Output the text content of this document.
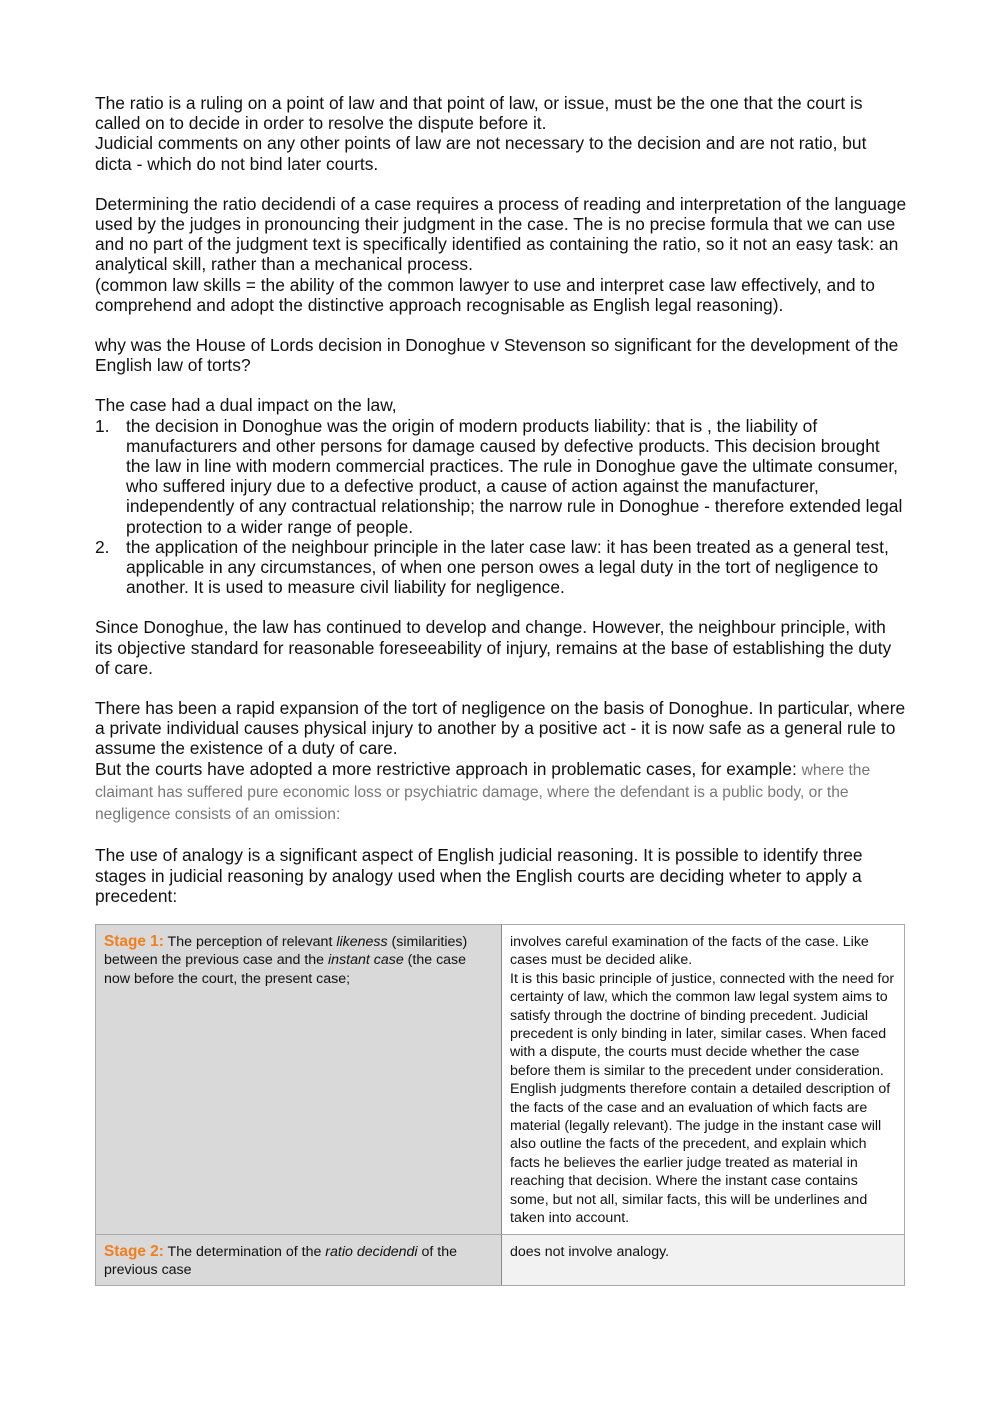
The ratio is a ruling on a point of law and that point of law, or issue, must be the one that the court is called on to decide in order to resolve the dispute before it.

Judicial comments on any other points of law are not necessary to the decision and are not ratio, but dicta - which do not bind later courts.

Determining the ratio decidendi of a case requires a process of reading and interpretation of the language used by the judges in pronouncing their judgment in the case. The is no precise formula that we can use and no part of the judgment text is specifically identified as containing the ratio, so it not an easy task: an analytical skill, rather than a mechanical process.

(common law skills = the ability of the common lawyer to use and interpret case law effectively, and to comprehend and adopt the distinctive approach recognisable as English legal reasoning).

why was the House of Lords decision in Donoghue v Stevenson so significant for the development of the English law of torts?

The case had a dual impact on the law,

1. the decision in Donoghue was the origin of modern products liability: that is , the liability of manufacturers and other persons for damage caused by defective products. This decision brought the law in line with modern commercial practices. The rule in Donoghue gave the ultimate consumer, who suffered injury due to a defective product, a cause of action against the manufacturer, independently of any contractual relationship; the narrow rule in Donoghue - therefore extended legal protection to a wider range of people.
2. the application of the neighbour principle in the later case law: it has been treated as a general test, applicable in any circumstances, of when one person owes a legal duty in the tort of negligence to another. It is used to measure civil liability for negligence.

Since Donoghue, the law has continued to develop and change. However, the neighbour principle, with its objective standard for reasonable foreseeability of injury, remains at the base of establishing the duty of care.

There has been a rapid expansion of the tort of negligence on the basis of Donoghue. In particular, where a private individual causes physical injury to another by a positive act - it is now safe as a general rule to assume the existence of a duty of care.

But the courts have adopted a more restrictive approach in problematic cases, for example: where the claimant has suffered pure economic loss or psychiatric damage, where the defendant is a public body, or the negligence consists of an omission:

The use of analogy is a significant aspect of English judicial reasoning. It is possible to identify three stages in judicial reasoning by analogy used when the English courts are deciding wheter to apply a precedent:

Stage 1: The perception of relevant likeness (similarities) between the previous case and the instant case (the case now before the court, the present case;	involves careful examination of the facts of the case. Like cases must be decided alike.
It is this basic principle of justice, connected with the need for certainty of law, which the common law legal system aims to satisfy through the doctrine of binding precedent. Judicial precedent is only binding in later, similar cases. When faced with a dispute, the courts must decide whether the case before them is similar to the precedent under consideration.
English judgments therefore contain a detailed description of the facts of the case and an evaluation of which facts are material (legally relevant). The judge in the instant case will also outline the facts of the precedent, and explain which facts he believes the earlier judge treated as material in reaching that decision. Where the instant case contains some, but not all, similar facts, this will be underlines and taken into account.

Stage 2: The determination of the ratio decidendi of the previous case	does not involve analogy.
